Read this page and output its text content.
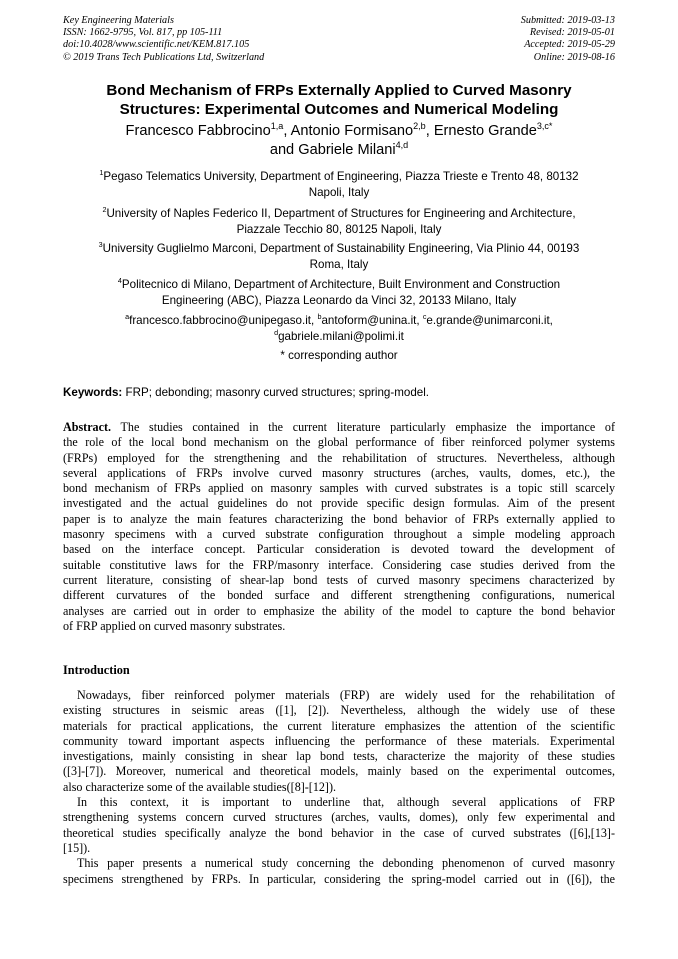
Key Engineering Materials
ISSN: 1662-9795, Vol. 817, pp 105-111
doi:10.4028/www.scientific.net/KEM.817.105
© 2019 Trans Tech Publications Ltd, Switzerland
Submitted: 2019-03-13
Revised: 2019-05-01
Accepted: 2019-05-29
Online: 2019-08-16
Bond Mechanism of FRPs Externally Applied to Curved Masonry
Structures: Experimental Outcomes and Numerical Modeling
Francesco Fabbrocino$^{1,a}$, Antonio Formisano$^{2,b}$, Ernesto Grande$^{3,c*}$
and Gabriele Milani$^{4,d}$
$^1$Pegaso Telematics University, Department of Engineering, Piazza Trieste e Trento 48, 80132
Napoli, Italy
$^2$University of Naples Federico II, Department of Structures for Engineering and Architecture,
Piazzale Tecchio 80, 80125 Napoli, Italy
$^3$University Guglielmo Marconi, Department of Sustainability Engineering, Via Plinio 44, 00193
Roma, Italy
$^4$Politecnico di Milano, Department of Architecture, Built Environment and Construction
Engineering (ABC), Piazza Leonardo da Vinci 32, 20133 Milano, Italy
$^a$francesco.fabbrocino@unipegaso.it, $^b$antoform@unina.it, $^c$e.grande@unimarconi.it,
$^d$gabriele.milani@polimi.it
* corresponding author
Keywords: FRP; debonding; masonry curved structures; spring-model.
Abstract. The studies contained in the current literature particularly emphasize the importance of
the role of the local bond mechanism on the global performance of fiber reinforced polymer systems
(FRPs) employed for the strengthening and the rehabilitation of structures. Nevertheless, although
several applications of FRPs involve curved masonry structures (arches, vaults, domes, etc.), the
bond mechanism of FRPs applied on masonry samples with curved substrates is a topic still scarcely
investigated and the actual guidelines do not provide specific design formulas. Aim of the present
paper is to analyze the main features characterizing the bond behavior of FRPs externally applied to
masonry specimens with a curved substrate configuration throughout a simple modeling approach
based on the interface concept. Particular consideration is devoted toward the development of
suitable constitutive laws for the FRP/masonry interface. Considering case studies derived from the
current literature, consisting of shear-lap bond tests of curved masonry specimens characterized by
different curvatures of the bonded surface and different strengthening configurations, numerical
analyses are carried out in order to emphasize the ability of the model to capture the bond behavior
of FRP applied on curved masonry substrates.
Introduction
Nowadays, fiber reinforced polymer materials (FRP) are widely used for the rehabilitation of
existing structures in seismic areas ([1], [2]). Nevertheless, although the widely use of these
materials for practical applications, the current literature emphasizes the attention of the scientific
community toward important aspects influencing the performance of these materials. Experimental
investigations, mainly consisting in shear lap bond tests, characterize the majority of these studies
([3]-[7]). Moreover, numerical and theoretical models, mainly based on the experimental outcomes,
also characterize some of the available studies([8]-[12]).
In this context, it is important to underline that, although several applications of FRP
strengthening systems concern curved structures (arches, vaults, domes), only few experimental and
theoretical studies specifically analyze the bond behavior in the case of curved substrates ([6],[13]-
[15]).
This paper presents a numerical study concerning the debonding phenomenon of curved masonry
specimens strengthened by FRPs. In particular, considering the spring-model carried out in ([6]), the
